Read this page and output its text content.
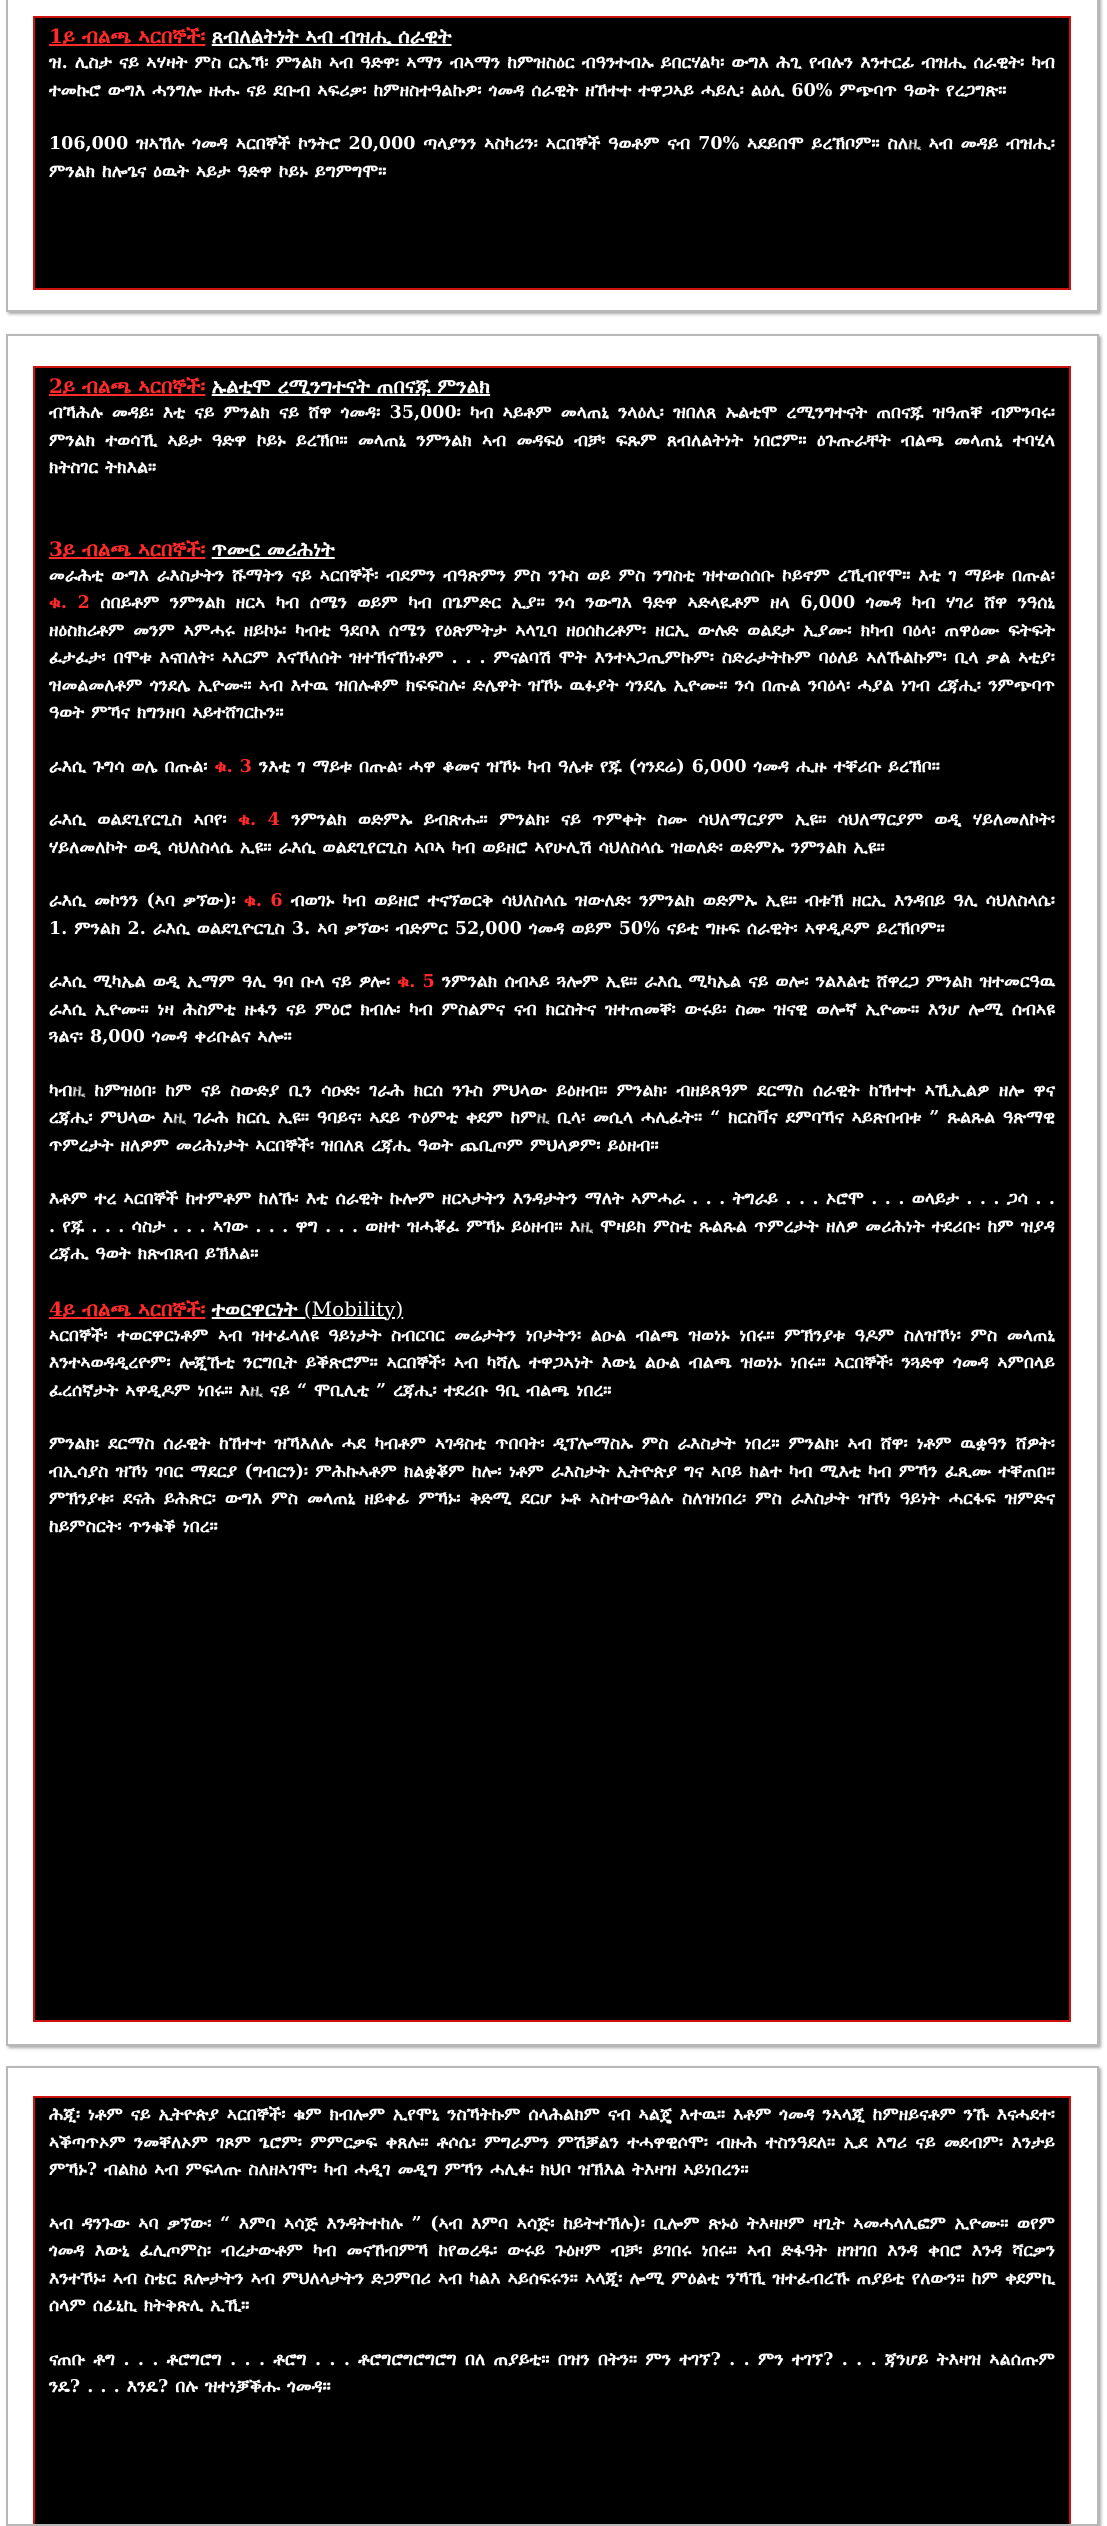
1ይ ብልጫ ኣርበኞች፡ ጸብለልትነት ኣብ ብዝሒ ሰራዊት

ዝ. ሊስታ ናይ ኣሃዛት ምስ ርኤኻ፡ ምንልክ ኣብ ዓድዋ፡ ኣማን ብኣማን ከምዝስዕር ብዓንተብኡ ይበርሃልካ፡ ውግእ ሕጊ የብሉን እንተርፊ ብዝሒ ሰራዊት፡ ካብ ተመኩሮ ውግእ ሓንግሎ ዙሑ ናይ ደቡብ ኣፍሪቃ፡ ከምዘስተዓልኩዎ፡ ጎመዳ ሰራዊት ዘኸተተ ተዋጋኣይ ሓይሊ፡ ልዕሊ 60% ምጭባጥ ዓወት የረጋግጽ።

106,000 ዝኣኸሉ ጎመዳ ኣርበኞች ኮንትሮ 20,000 ጣላያንን ኣስካሪን፡ ኣርበኞች ዓወቶም ናብ 70% ኣደይበሞ ይረኽቦም። ስለዚ ኣብ መዳይ ብዝሒ፡ ምንልክ ከሎጌና ዕዉት ኣይታ ዓድዋ ኮይኑ ይግምግሞ።

2ይ ብልጫ ኣርበኞች፡ ኡልቲሞ ረሚንግተናት ጠበናጁ ምንልክ

ብኻሕሉ መዳይ፡ እቲ ናይ ምንልክ ናይ ሸዋ ጎመዳ፡ 35,000፡ ካብ ኣይቶም መላጠኒ ንላዕሊ፡ ዝበለጸ ኡልቲሞ ረሚንግተናት ጠበናጁ ዝዓጠቐ ብምንባሩ፡ ምንልክ ተወሳኺ ኣይታ ዓድዋ ኮይኑ ይረኽቦ። መላጠኒ ንምንልክ ኣብ መዳፍዕ ብቻ፡ ፍጹም ጸብለልትነት ነበሮም። ዕጉጡራቸት ብልጫ መላጠኒ ተባሂላ ክትስገር ትክእል።

3ይ ብልጫ ኣርበኞች፡ ጥሙር መሪሕነት

መራሕቲ ውግእ ራእስታትን ሹማትን ናይ ኣርበኞች፡ ብደምን ብዓጽምን ምስ ንጉስ ወይ ምስ ንግስቲ ዝተወሰሰቡ ኮይኖም ረኺብየሞ። እቲ ገ ማይቱ በጡል፡ ቁ. 2 ሰበይቶም ንምንልክ ዘርኣ ካብ ሰሜን ወይም ካብ በጌምድር ኢያ። ንሳ ንውግእ ዓድዋ ኣድላዪቶም ዘላ 6,000 ጎመዳ ካብ ሃገሪ ሸዋ ንዓሰኒ ዘዕስክሪቶም መንም ኣምሓሩ ዘይኮኑ፡ ካብቲ ዓደቦእ ሰሜን የዕጽምትታ ኣላጊባ ዘዐሰከረቶም፡ ዘርኢ ውሉድ ወልደታ ኢያሙ፡ ክካብ ባዕላ፡ ጠዋዕሙ ፍትፍት ፈታፈታ፡ በሞቱ እናበለት፡ ኣእርም እናኾለሰት ዝተኽናኸነቶም . . . ምናልባሽ ሞት እንተኣጋጢምኩም፡ ስድራታትኩም ባዕለይ ኣለኹልኩም፡ ቢላ ቃል ኣቲያ፡ ዝመልመለቶም ጎንደሌ ኢዮሙ። ኣብ እተዉ ዝበሉቶም ክፍፍስሉ፡ ድሌዋት ዝኾኑ ዉፉያት ጎንደሌ ኢዮሙ። ንሳ በጡል ንባዕላ፡ ሓያል ነገብ ረጃሒ፡ ንምጭባጥ ዓወት ምኻና ክግንዘባ ኣይተሸገርኩን።

ራእሲ ጉግሳ ወሌ በጡል፡ ቁ. 3 ንእቲ ገ ማይቱ በጡል፡ ሓዋ ቆመና ዝኾኑ ካብ ዓሌቱ የጁ (ጎንደሬ) 6,000 ጎመዳ ሒዙ ተቐሪቡ ይረኽቦ።

ራእሲ ወልደጊየርጊስ ኣቦየ፡ ቁ. 4 ንምንልክ ወድምኡ ይብጽሑ። ምንልክ፡ ናይ ጥምቀት ስሙ ሳህለማርያም ኢዩ። ሳህለማርያም ወዲ ሃይለመለኮት፡ ሃይለመለኮት ወዲ ሳህለስላሴ ኢዩ። ራእሲ ወልደጊየርጊስ ኣቦኣ ካብ ወይዘሮ ኣየሁሊሽ ሳህለስላሴ ዝወለድ፡ ወድምኡ ንምንልክ ኢዩ።

ራእሲ መኮንን (ኣባ ቃኘው)፡ ቁ. 6 ብወገኑ ካብ ወይዘሮ ተናኘወርቅ ሳህለስላሴ ዝውለድ፡ ንምንልክ ወድምኡ ኢዩ። ብቱኽ ዘርኢ እንዳበይ ዓሊ ሳህለስላሴ፡ 1. ምንልክ 2. ራእሲ ወልደጊዮርጊስ 3. ኣባ ቃኘው፡ ብድምር 52,000 ጎመዳ ወይም 50% ናይቲ ግዙፍ ሰራዊት፡ ኣዋዲዶም ይረኽቦም።

ራእሲ ሚካኤል ወዲ ኢማም ዓሊ ዓባ ቡላ ናይ ዎሎ፡ ቁ. 5 ንምንልክ ሰብኣይ ጓሎም ኢዩ። ራእሲ ሚካኤል ናይ ወሎ፡ ንልእልቲ ሸዋረጋ ምንልክ ዝተመርዓዉ ራእሲ ኢዮሙ። ነዛ ሕስምቲ ዙፋን ናይ ምዕሮ ክብሉ፡ ካብ ምስልምና ናብ ክርስትና ዝተጠመቐ፡ ውሩይ፡ ስሙ ዝናዊ ወሎኛ ኢዮሙ። እንሆ ሎሚ ሰብኣዩ ጓልና፡ 8,000 ጎመዳ ቀሪቡልና ኣሎ።

ካብዚ ከምዝዕበ፡ ከም ናይ ስውድያ ቢን ሳዑድ፡ ገራሕ ክርሰ ንጉስ ምህላው ይዕዘብ። ምንልክ፡ ብዘይጸዓም ደርማስ ሰራዊት ከኸተተ ኣኺኢልዎ ዘሎ ዋና ረጃሒ፡ ምህላው እዚ ገራሕ ክርሲ ኢዩ። ዓባይና፡ ኣደይ ጥዕምቲ ቀደም ከምዚ ቢላ፡ መሲላ ሓሊፈት። “ ክርስቫና ደምባኻና ኣይጽበብቱ ” ጹልጹል ዓጽማዊ ጥምረታት ዘለዎም መሪሕነታት ኣርበኞች፡ ዝበለጸ ረጃሒ ዓወት ጨቢጦም ምህላዎም፡ ይዕዘብ።

እቶም ተረ ኣርበኞች ከተምቶም ከለኹ፡ እቲ ሰራዊት ኩሎም ዘርኣታትን እንዳታትን ማለት ኣምሓራ . . . ትግራይ . . . ኦሮሞ . . . ወላይታ . . . ጋሳ . . . የጁ . . . ሳስታ . . . ኣገው . . . ዋግ . . . ወዘተ ዝሓቖፈ ምኻኑ ይዕዘብ። እዚ ሞዛይክ ምስቲ ጹልጹል ጥምረታት ዘለዎ መሪሕነት ተደሪቡ፡ ከም ዝያዳ ረጃሒ ዓወት ክጽብጸብ ይኽእል።

4ይ ብልጫ ኣርበኞች፡ ተወርዋርነት (Mobility)

ኣርበኞች፡ ተወርዋርነቶም ኣብ ዝተፈላለዩ ዓይነታት ስብርባር መሬታትን ነቦታትን፡ ልዑል ብልጫ ዝወነኑ ነበሩ። ምኽንያቱ ዓዶም ስለዝኾነ፡ ምስ መላጠኒ እንተኣወዳዲረዮም፡ ሎጂኹቲ ንርግቢት ይቕጽሮም። ኣርበኞች፡ ኣብ ካሻሌ ተዋጋኣነት እውኒ ልዑል ብልጫ ዝወነኑ ነበሩ። ኣርበኞች፡ ንጓድዋ ጎመዳ ኣምበላይ ፈረሰኛታት ኣዋዲዶም ነበሩ። እዚ ናይ “ ሞቢሊቲ ” ረጃሒ፡ ተደሪቡ ዓቢ ብልጫ ነበረ።

ምንልክ፡ ደርማስ ሰራዊት ከኸተተ ዝኻእለሉ ሓደ ካብቶም ኣገዳስቲ ጥበባት፡ ዲፕሎማስኡ ምስ ራእስታት ነበረ። ምንልክ፡ ኣብ ሸዋ፡ ነቶም ዉቋዓን ሸዎት፡ ብኢሳያስ ዝኾነ ገባር ማደርያ (ግብርን)፡ ምሕኩኣቶም ክልቋቖም ከሎ፡ ነቶም ራእስታት ኢትዮጵያ ግና ኣቦይ ክልተ ካብ ሚእቲ ካብ ምኻን ፈጺሙ ተቐጠበ። ምኽንያቱ፡ ደናሕ ይሕጽር፡ ውግእ ምስ መላጠኒ ዘይቀፊ ምኻኑ፡ ቅድሚ ደርሆ ኑቶ ኣስተውዓልሉ ስለዝነበረ፡ ምስ ራእስታት ዝኾነ ዓይነት ሓርፋፍ ዝምድና ከይምስርት፡ ጥንቁቕ ነበረ።

ሕጂ፡ ነቶም ናይ ኢትዮጵያ ኣርበኞች፡ ቁም ክብሎም ኢየሞኒ ንስኻትኩም ሰላሕልክም ናብ ኣልጄ እተዉ። እቶም ጎመዳ ንኣላጂ ከምዘይናቶም ንኹ እናሓደተ፡ ኣቕጣጥኦም ንመቐለኦም ገጾም ጌሮም፡ ምምርቃፍ ቀጸሉ። ቶሶሴ፡ ምግራምን ምሽቓልን ተሓዋዊሶሞ፡ ብዙሕ ተስንዓደለ። ኢደ እግሪ ናይ መደብም፡ እንታይ ምኻኑ? ብልክዕ ኣብ ምፍላጡ ስለዘኣገሞ፡ ካብ ሓዲገ መዲግ ምኻን ሓሊፉ፡ ክህቦ ዝኽእል ትእዛዝ ኣይነበረን።

ኣብ ዳንጉው ኣባ ቃኘው፡ “ እምባ ኣሳጅ እንዳትተከሉ ” (ኣብ እምባ ኣሳጅ፡ ከይትተኽሉ)፡ ቢሎም ጽኑዕ ትእዛዞም ዛጊት ኣመሓላሊፎም ኢዮሙ። ወየም ጎመዳ እውኒ ፈሊጦምስ፡ ብረታውቶም ካብ መናኸብምኻ ከየወረዱ፡ ውሩይ ጉዕዞም ብቻ፡ ይገበሩ ነበሩ። ኣብ ድፋዓት ዘዝገበ እንዳ ቀበሮ እንዳ ሻርቃን እንተኾኑ፡ ኣብ ስቴር ጸሎታትን ኣብ ምህለላታትን ድጋምበሪ ኣብ ካልእ ኣይሰፍሩን። ኣላጂ፡ ሎሚ ምዕልቲ ንኻኺ ዝተፈብረኹ ጠያይቲ የለውን። ከም ቀደምኪ ሰላም ሰፊኒኪ ክትቅጽሊ ኢኺ።

ናጠቡ ቶግ . . . ቶሮግሮግ . . . ቶሮግ . . . ቶሮግሮግሮግሮግ በለ ጠያይቲ። በዝን በትን። ምን ተገኘ? . . ምን ተገኘ? . . . ጃንሆይ ትእዛዝ ኣልሰጡም ንዴ? . . . እንዴ? በሉ ዝተነቓቕሑ ጎመዳ።
